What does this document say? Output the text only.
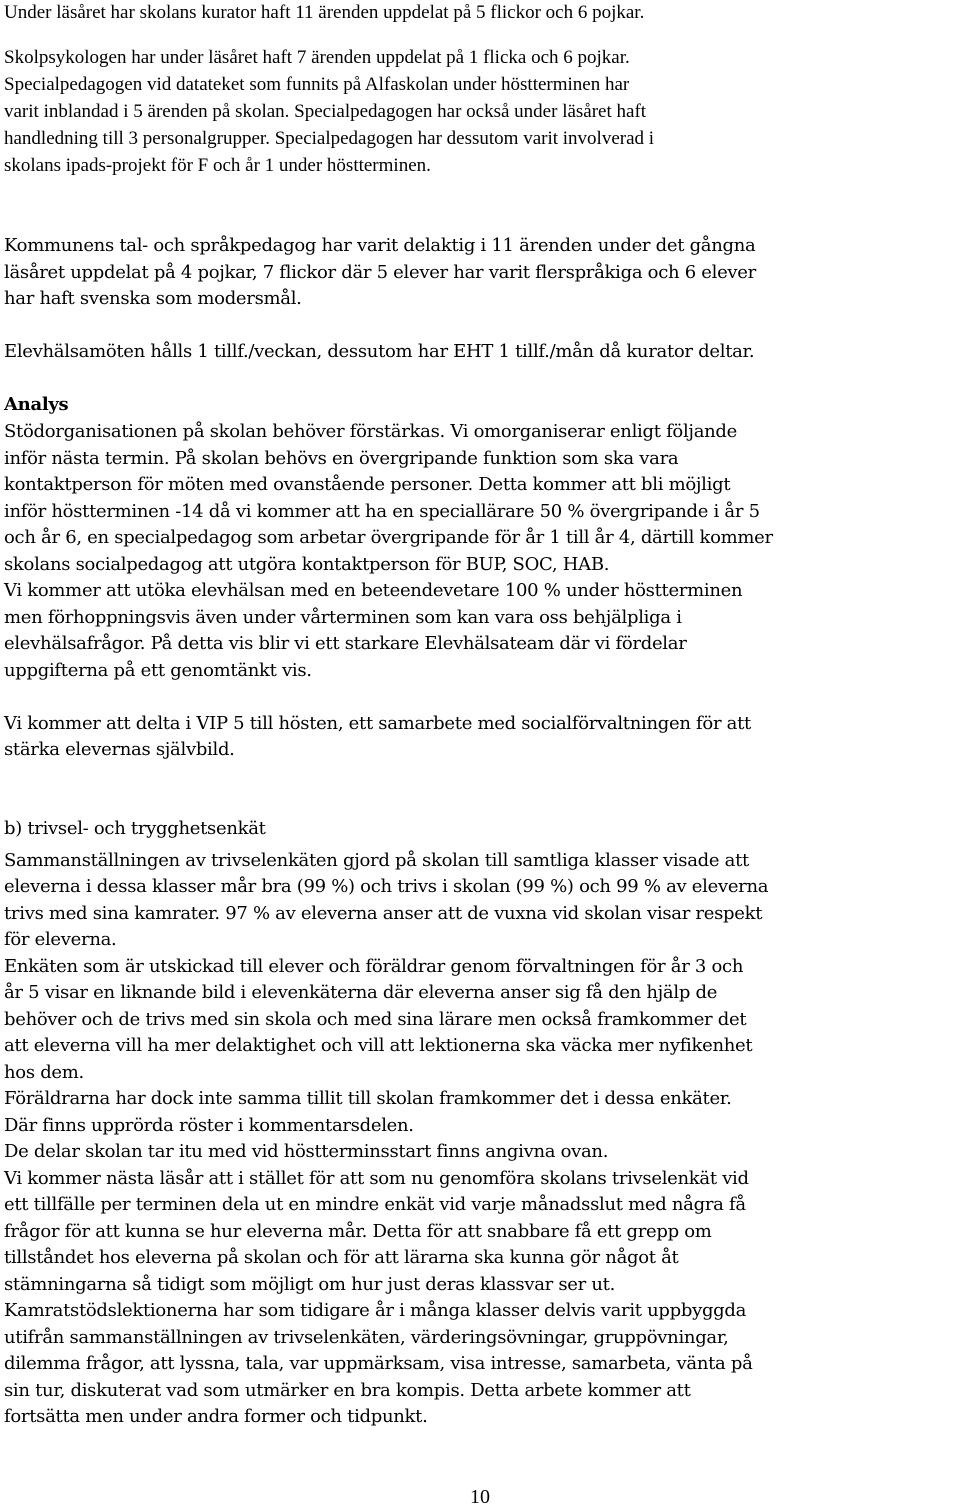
Under läsåret har skolans kurator haft 11 ärenden uppdelat på 5 flickor och 6 pojkar.
Skolpsykologen har under läsåret haft 7 ärenden uppdelat på 1 flicka och 6 pojkar.
Specialpedagogen vid datateket som funnits på Alfaskolan under höstterminen har
varit inblandad i 5 ärenden på skolan. Specialpedagogen har också under läsåret haft
handledning till 3 personalgrupper. Specialpedagogen har dessutom varit involverad i
skolans ipads-projekt för F och år 1 under höstterminen.
Kommunens tal- och språkpedagog har varit delaktig i 11 ärenden under det gångna
läsåret uppdelat på 4 pojkar, 7 flickor där 5 elever har varit flerspråkiga och 6 elever
har haft svenska som modersmål.
Elevhälsamöten hålls 1 tillf./veckan, dessutom har EHT 1 tillf./mån då kurator deltar.
Analys
Stödorganisationen på skolan behöver förstärkas. Vi omorganiserar enligt följande
inför nästa termin. På skolan behövs en övergripande funktion som ska vara
kontaktperson för möten med ovanstående personer. Detta kommer att bli möjligt
inför höstterminen -14 då vi kommer att ha en speciallärare 50 % övergripande i år 5
och år 6, en specialpedagog som arbetar övergripande för år 1 till år 4, därtill kommer
skolans socialpedagog att utgöra kontaktperson för BUP, SOC, HAB.
Vi kommer att utöka elevhälsan med en beteendevetare 100 % under höstterminen
men förhoppningsvis även under vårterminen som kan vara oss behjälpliga i
elevhälsafrågor. På detta vis blir vi ett starkare Elevhälsateam där vi fördelar
uppgifterna på ett genomtänkt vis.
Vi kommer att delta i VIP 5 till hösten, ett samarbete med socialförvaltningen för att
stärka elevernas självbild.
b) trivsel- och trygghetsenkät
Sammanställningen av trivselenkäten gjord på skolan till samtliga klasser visade att
eleverna i dessa klasser mår bra (99 %) och trivs i skolan (99 %) och 99 % av eleverna
trivs med sina kamrater. 97 % av eleverna anser att de vuxna vid skolan visar respekt
för eleverna.
Enkäten som är utskickad till elever och föräldrar genom förvaltningen för år 3 och
år 5 visar en liknande bild i elevenkäterna där eleverna anser sig få den hjälp de
behöver och de trivs med sin skola och med sina lärare men också framkommer det
att eleverna vill ha mer delaktighet och vill att lektionerna ska väcka mer nyfikenhet
hos dem.
Föräldrarna har dock inte samma tillit till skolan framkommer det i dessa enkäter.
Där finns upprörda röster i kommentarsdelen.
De delar skolan tar itu med vid höstterminsstart finns angivna ovan.
Vi kommer nästa läsår att i stället för att som nu genomföra skolans trivselenkät vid
ett tillfälle per terminen dela ut en mindre enkät vid varje månadsslut med några få
frågor för att kunna se hur eleverna mår. Detta för att snabbare få ett grepp om
tillståndet hos eleverna på skolan och för att lärarna ska kunna gör något åt
stämningarna så tidigt som möjligt om hur just deras klassvar ser ut.
Kamratstödslektionerna har som tidigare år i många klasser delvis varit uppbyggda
utifrån sammanställningen av trivselenkäten, värderingsövningar, gruppövningar,
dilemma frågor, att lyssna, tala, var uppmärksam, visa intresse, samarbeta, vänta på
sin tur, diskuterat vad som utmärker en bra kompis. Detta arbete kommer att
fortsätta men under andra former och tidpunkt.
10
